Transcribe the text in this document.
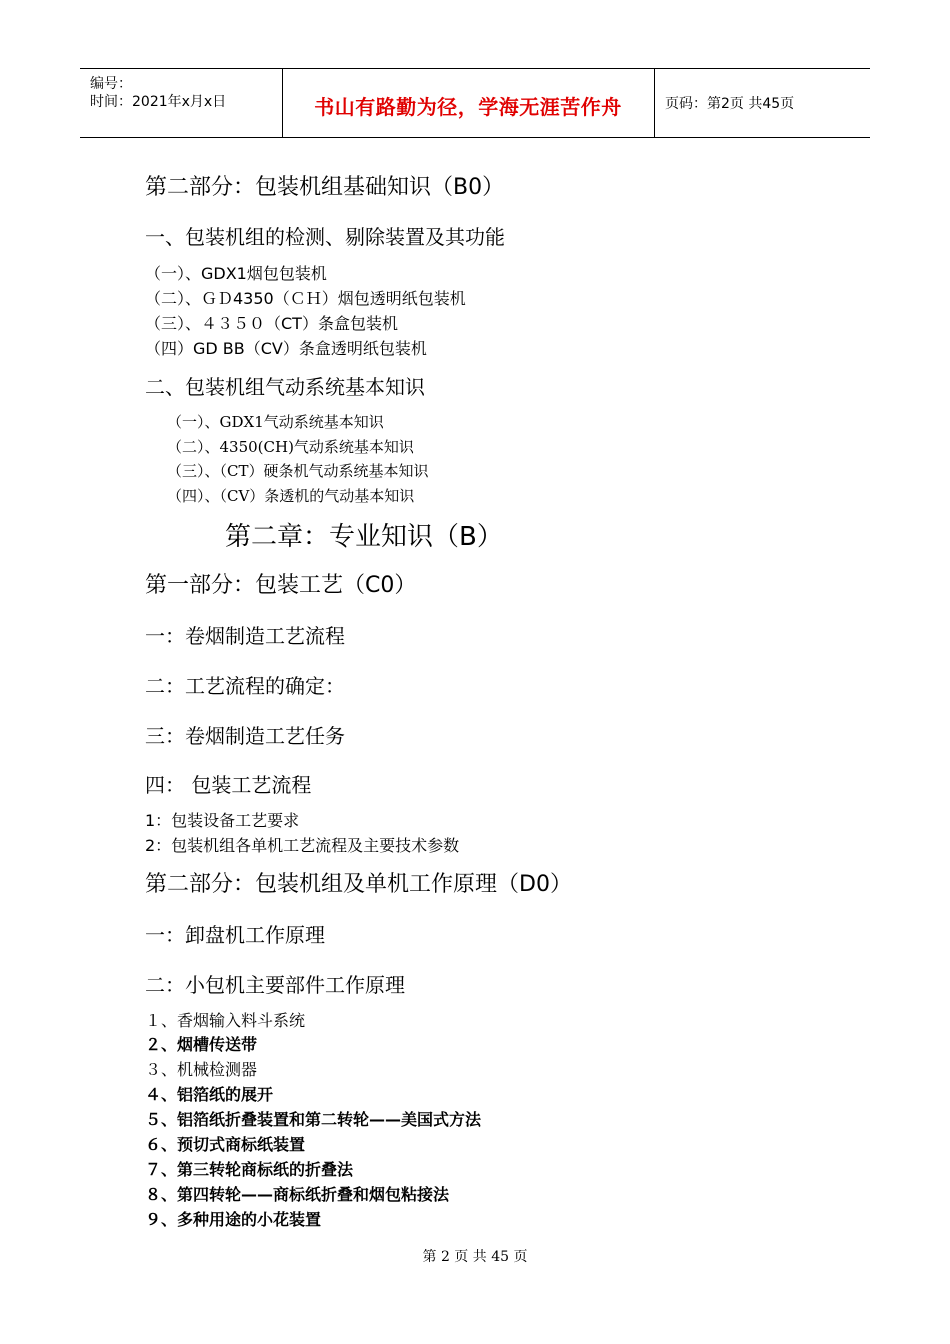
编号：
时间：2021年x月x日	书山有路勤为径，学海无涯苦作舟	页码：第2页 共45页
第二部分：包装机组基础知识（B0）
一、包装机组的检测、剔除装置及其功能
（一）、GDX1烟包包装机
（二）、ＧＤ4350（ＣＨ）烟包透明纸包装机
（三）、４３５０（CT）条盒包装机
（四）GD BB（CV）条盒透明纸包装机
二、包装机组气动系统基本知识
（一）、GDX1气动系统基本知识
（二）、4350(CH)气动系统基本知识
（三）、（CT）硬条机气动系统基本知识
（四）、（CV）条透机的气动基本知识
第二章：专业知识（B）
第一部分：包装工艺（C0）
一：卷烟制造工艺流程
二：工艺流程的确定：
三：卷烟制造工艺任务
四： 包装工艺流程
1：包装设备工艺要求
2：包装机组各单机工艺流程及主要技术参数
第二部分：包装机组及单机工作原理（D0）
一：卸盘机工作原理
二：小包机主要部件工作原理
１、香烟输入料斗系统
２、烟槽传送带
３、机械检测器
４、铝箔纸的展开
５、铝箔纸折叠装置和第二转轮——美国式方法
６、预切式商标纸装置
７、第三转轮商标纸的折叠法
８、第四转轮——商标纸折叠和烟包粘接法
９、多种用途的小花装置
第 2 页 共 45 页
